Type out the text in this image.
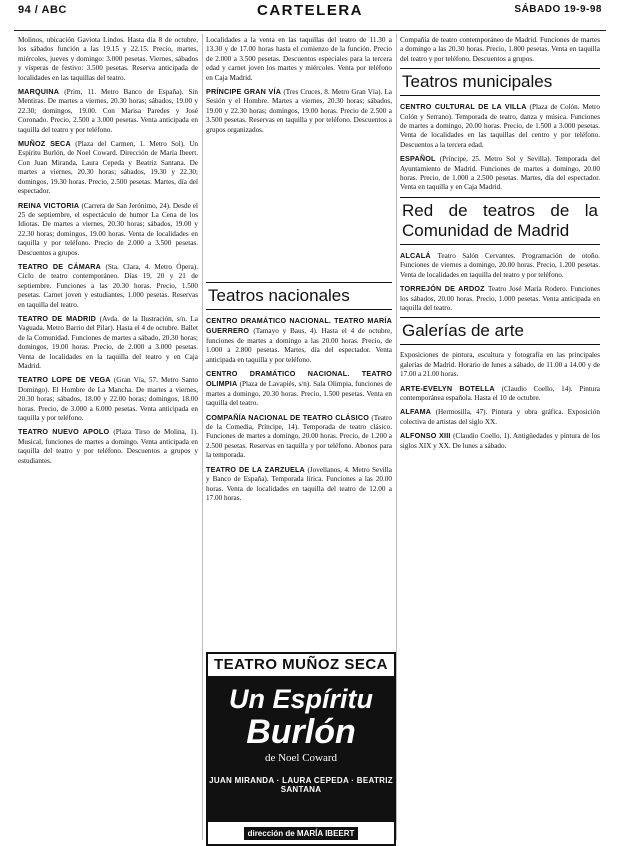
94 / ABC	CARTELERA	SÁBADO 19-9-98
Molinos, ubicación Gaviota Lindos. Hasta dia 8 de octubre, los sábados función a las 19.15 y 22.15. Precio, martes, miércoles, jueves y domingo: 3.000 pesetas. Viernes, sábados y vísperas de festivo: 3.500 pesetas. Reserva anticipada de localidades en las taquillas del teatro.
MARQUINA (Prim, 11. Metro Banco de España). Sin Mentiras. De martes a viernes, 20.30 horas; sábados, 19.00 y 22.30; domingos, 19.00. Con Marisa Paredes y José Coronado. Precio, 2.500 a 3.000 pesetas. Venta anticipada en taquilla del teatro y por teléfono.
MUÑOZ SECA (Plaza del Carmen, 1. Metro Sol). Un Espíritu Burlón, de Noel Coward. Dirección de María Ibeert. Con Juan Miranda, Laura Cepeda y Beatriz Santana. De martes a viernes, 20.30 horas; sábados, 19.30 y 22.30; domingos, 19.30 horas. Precio, 2.500 pesetas. Martes, día del espectador.
REINA VICTORIA (Carrera de San Jerónimo, 24). Desde el 25 de septiembre, el espectáculo de humor La Cena de los Idiotas. De martes a viernes, 20.30 horas; sábados, 19.00 y 22.30 horas; domingos, 19.00 horas. Venta de localidades en taquilla y por teléfono. Precio de 2.000 a 3.500 pesetas. Descuentos a grupos.
TEATRO DE CÁMARA (Sta. Clara, 4. Metro Ópera). Ciclo de teatro contemporáneo. Días 19, 20 y 21 de septiembre. Funciones a las 20.30 horas. Precio, 1.500 pesetas. Carnet joven y estudiantes, 1.000 pesetas. Reservas en taquilla del teatro.
TEATRO DE MADRID (Avda. de la Ilustración, s/n. La Vaguada. Metro Barrio del Pilar). Hasta el 4 de octubre. Ballet de la Comunidad. Funciones de martes a sábado, 20.30 horas; domingos, 19.00 horas. Precio, de 2.000 a 3.000 pesetas. Venta de localidades en la taquilla del teatro y en Caja Madrid.
TEATRO LOPE DE VEGA (Gran Vía, 57. Metro Santo Domingo). El Hombre de La Mancha. De martes a viernes, 20.30 horas; sábados, 18.00 y 22.00 horas; domingos, 18.00 horas. Precio, de 3.000 a 6.000 pesetas. Venta anticipada en taquilla y por teléfono.
TEATRO NUEVO APOLO (Plaza Tirso de Molina, 1). Musical, funciones de martes a domingo. Venta anticipada en taquilla del teatro y por teléfono. Descuentos a grupos y estudiantes.
Localidades a la venta en las taquillas del teatro de 11.30 a 13.30 y de 17.00 horas hasta el comienzo de la función. Precio de 2.000 a 3.500 pesetas. Descuentos especiales para la tercera edad y carnet joven los martes y miércoles. Venta por teléfono en Caja Madrid.
PRÍNCIPE GRAN VÍA (Tres Cruces, 8. Metro Gran Vía). La Sesión y el Hombre. Martes a viernes, 20.30 horas; sábados, 19.00 y 22.30 horas; domingos, 19.00 horas. Precio de 2.500 a 3.500 pesetas. Reservas en taquilla y por teléfono. Descuentos a grupos organizados.
Teatros nacionales
CENTRO DRAMÁTICO NACIONAL. TEATRO MARÍA GUERRERO (Tamayo y Baus, 4). Hasta el 4 de octubre, funciones de martes a domingo a las 20.00 horas. Precio, de 1.000 a 2.800 pesetas. Martes, día del espectador. Venta anticipada en taquilla y por teléfono.
CENTRO DRAMÁTICO NACIONAL. TEATRO OLIMPIA (Plaza de Lavapiés, s/n). Sala Olimpia, funciones de martes a domingo, 20.30 horas. Precio, 1.500 pesetas. Venta en taquilla del teatro.
COMPAÑÍA NACIONAL DE TEATRO CLÁSICO (Teatro de la Comedia, Príncipe, 14). Temporada de teatro clásico. Funciones de martes a domingo, 20.00 horas. Precio, de 1.200 a 2.500 pesetas. Reservas en taquilla y por teléfono. Abonos para la temporada.
TEATRO DE LA ZARZUELA (Jovellanos, 4. Metro Sevilla y Banco de España). Temporada lírica. Funciones a las 20.00 horas. Venta de localidades en taquilla del teatro de 12.00 a 17.00 horas.
TEATRO MUÑOZ SECA
Un Espíritu
Burlón
de Noel Coward
JUAN MIRANDA · LAURA CEPEDA · BEATRIZ SANTANA
dirección de MARÍA IBEERT
Compañía de teatro contemporáneo de Madrid. Funciones de martes a domingo a las 20.30 horas. Precio, 1.800 pesetas. Venta en taquilla del teatro y por teléfono. Descuentos a grupos.
Teatros municipales
CENTRO CULTURAL DE LA VILLA (Plaza de Colón. Metro Colón y Serrano). Temporada de teatro, danza y música. Funciones de martes a domingo, 20.00 horas. Precio, de 1.500 a 3.000 pesetas. Venta de localidades en las taquillas del centro y por teléfono. Descuentos a la tercera edad.
ESPAÑOL (Príncipe, 25. Metro Sol y Sevilla). Temporada del Ayuntamiento de Madrid. Funciones de martes a domingo, 20.00 horas. Precio, de 1.000 a 2.500 pesetas. Martes, día del espectador. Venta en taquilla y en Caja Madrid.
Red de teatros de la Comunidad de Madrid
ALCALÁ Teatro Salón Cervantes. Programación de otoño. Funciones de viernes a domingo, 20.00 horas. Precio, 1.200 pesetas. Venta de localidades en taquilla del teatro y por teléfono.
TORREJÓN DE ARDOZ Teatro José María Rodero. Funciones los sábados, 20.00 horas. Precio, 1.000 pesetas. Venta anticipada en taquilla del teatro.
Galerías de arte
Exposiciones de pintura, escultura y fotografía en las principales galerías de Madrid. Horario de lunes a sábado, de 11.00 a 14.00 y de 17.00 a 21.00 horas.
ARTE-EVELYN BOTELLA (Claudio Coello, 14). Pintura contemporánea española. Hasta el 10 de octubre.
ALFAMA (Hermosilla, 47). Pintura y obra gráfica. Exposición colectiva de artistas del siglo XX.
ALFONSO XIII (Claudio Coello, 1). Antigüedades y pintura de los siglos XIX y XX. De lunes a sábado.
